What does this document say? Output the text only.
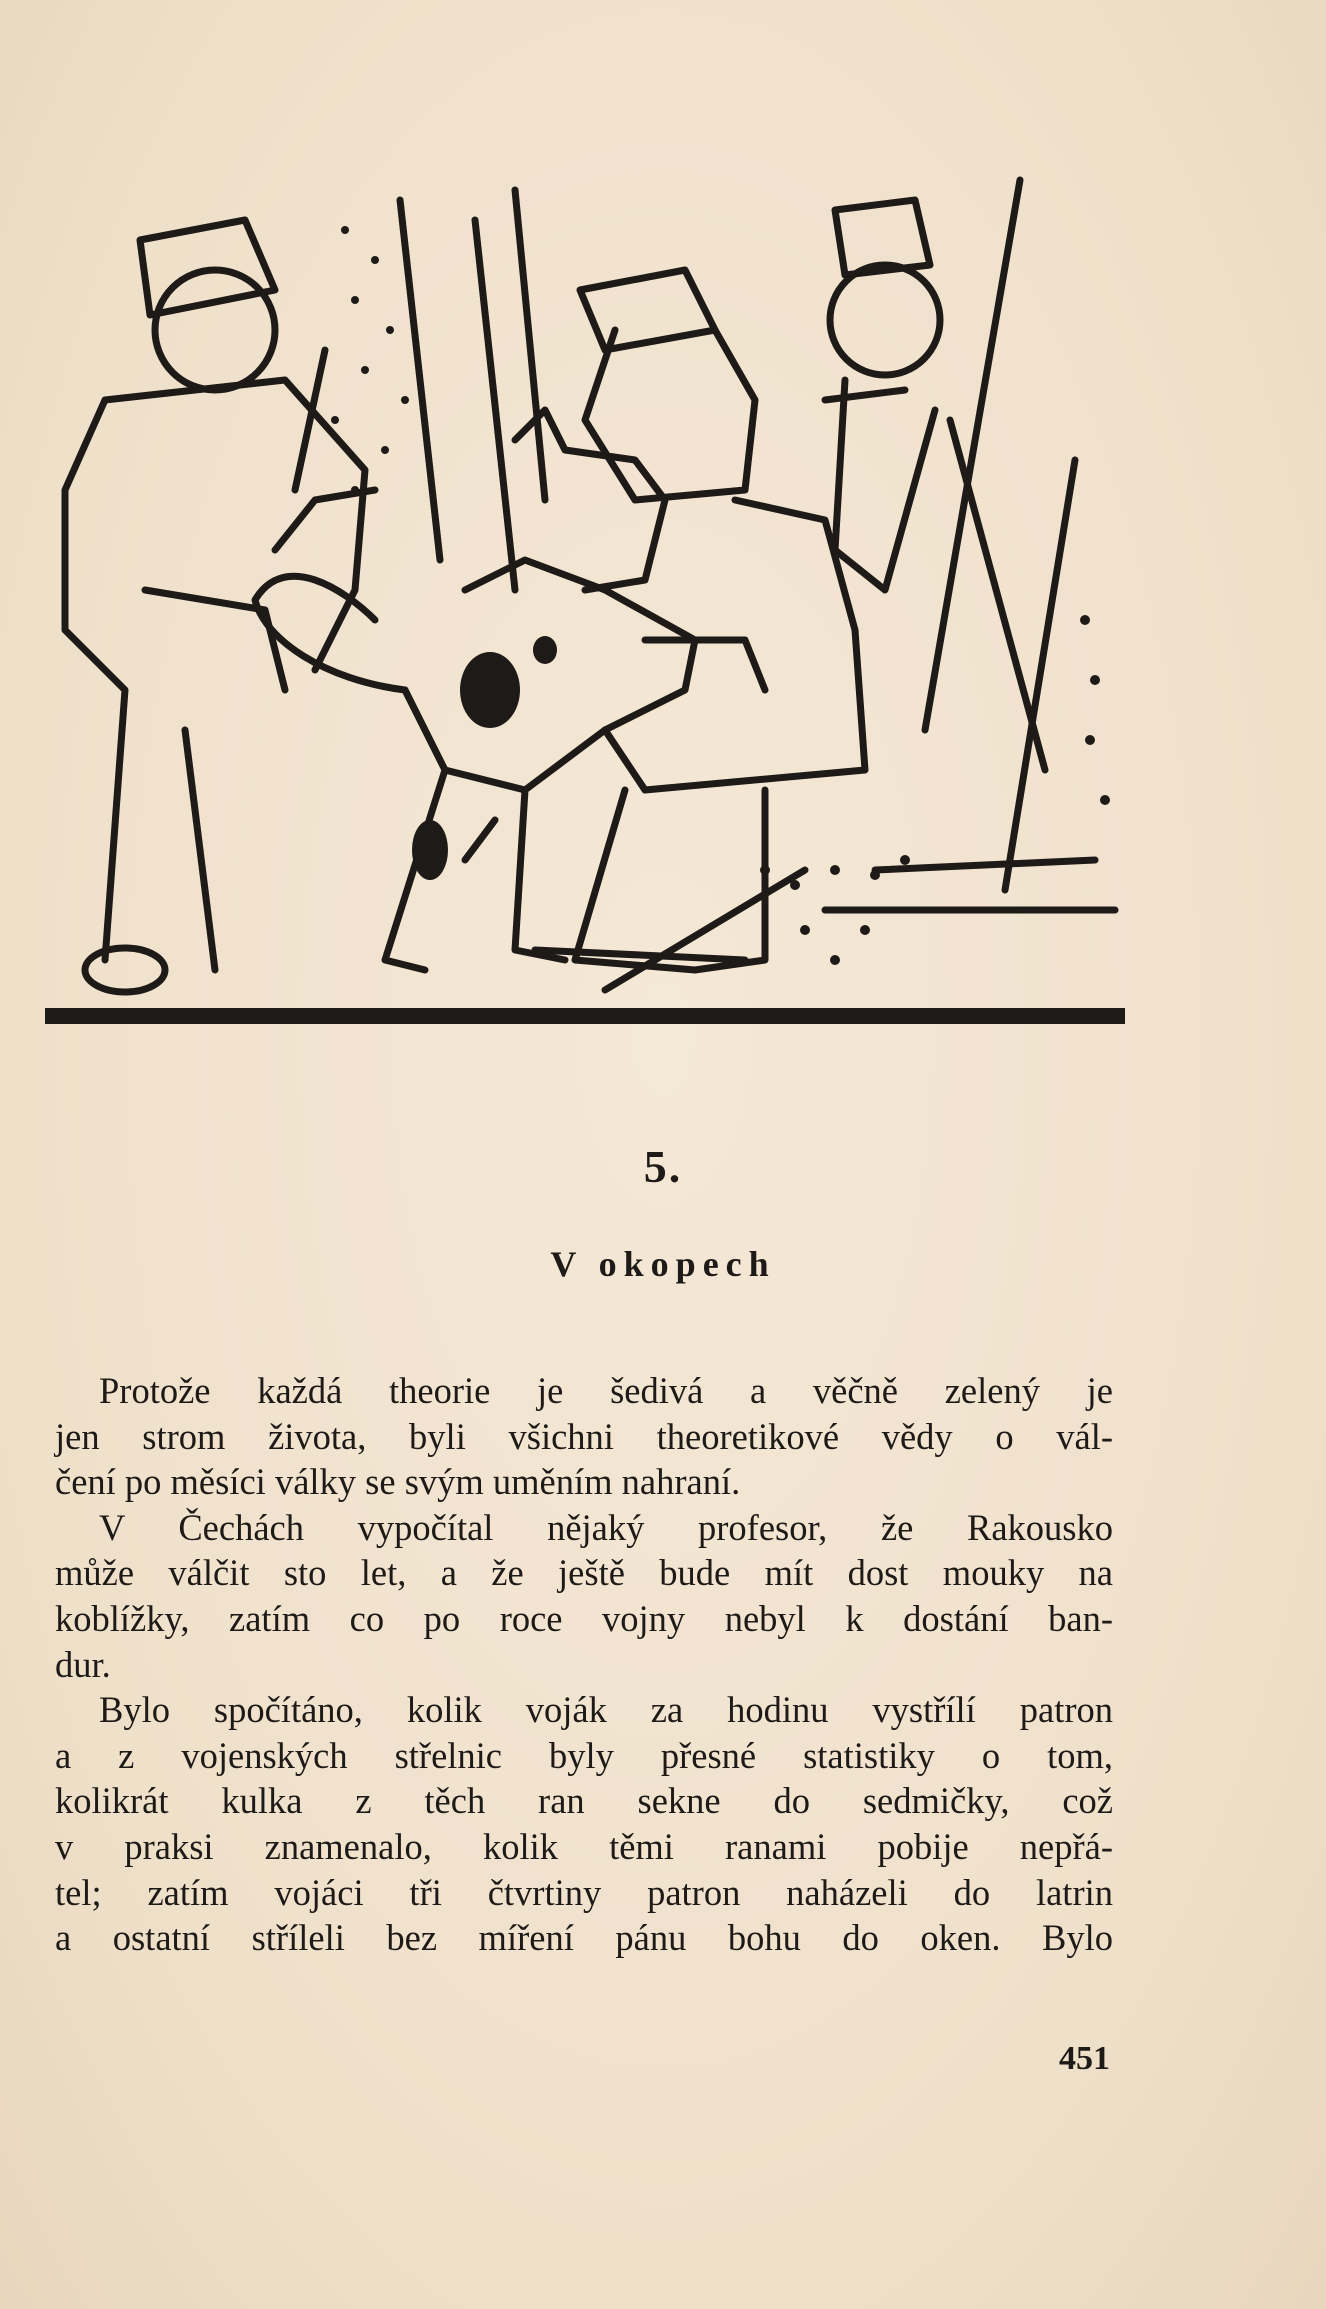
5.
V okopech
Protože každá theorie je šedivá a věčně zelený je
jen strom života, byli všichni theoretikové vědy o vál-
čení po měsíci války se svým uměním nahraní.
V Čechách vypočítal nějaký profesor, že Rakousko
může válčit sto let, a že ještě bude mít dost mouky na
koblížky, zatím co po roce vojny nebyl k dostání ban-
dur.
Bylo spočítáno, kolik voják za hodinu vystřílí patron
a z vojenských střelnic byly přesné statistiky o tom,
kolikrát kulka z těch ran sekne do sedmičky, což
v praksi znamenalo, kolik těmi ranami pobije nepřá-
tel; zatím vojáci tři čtvrtiny patron naházeli do latrin
a ostatní stříleli bez míření pánu bohu do oken. Bylo
451
